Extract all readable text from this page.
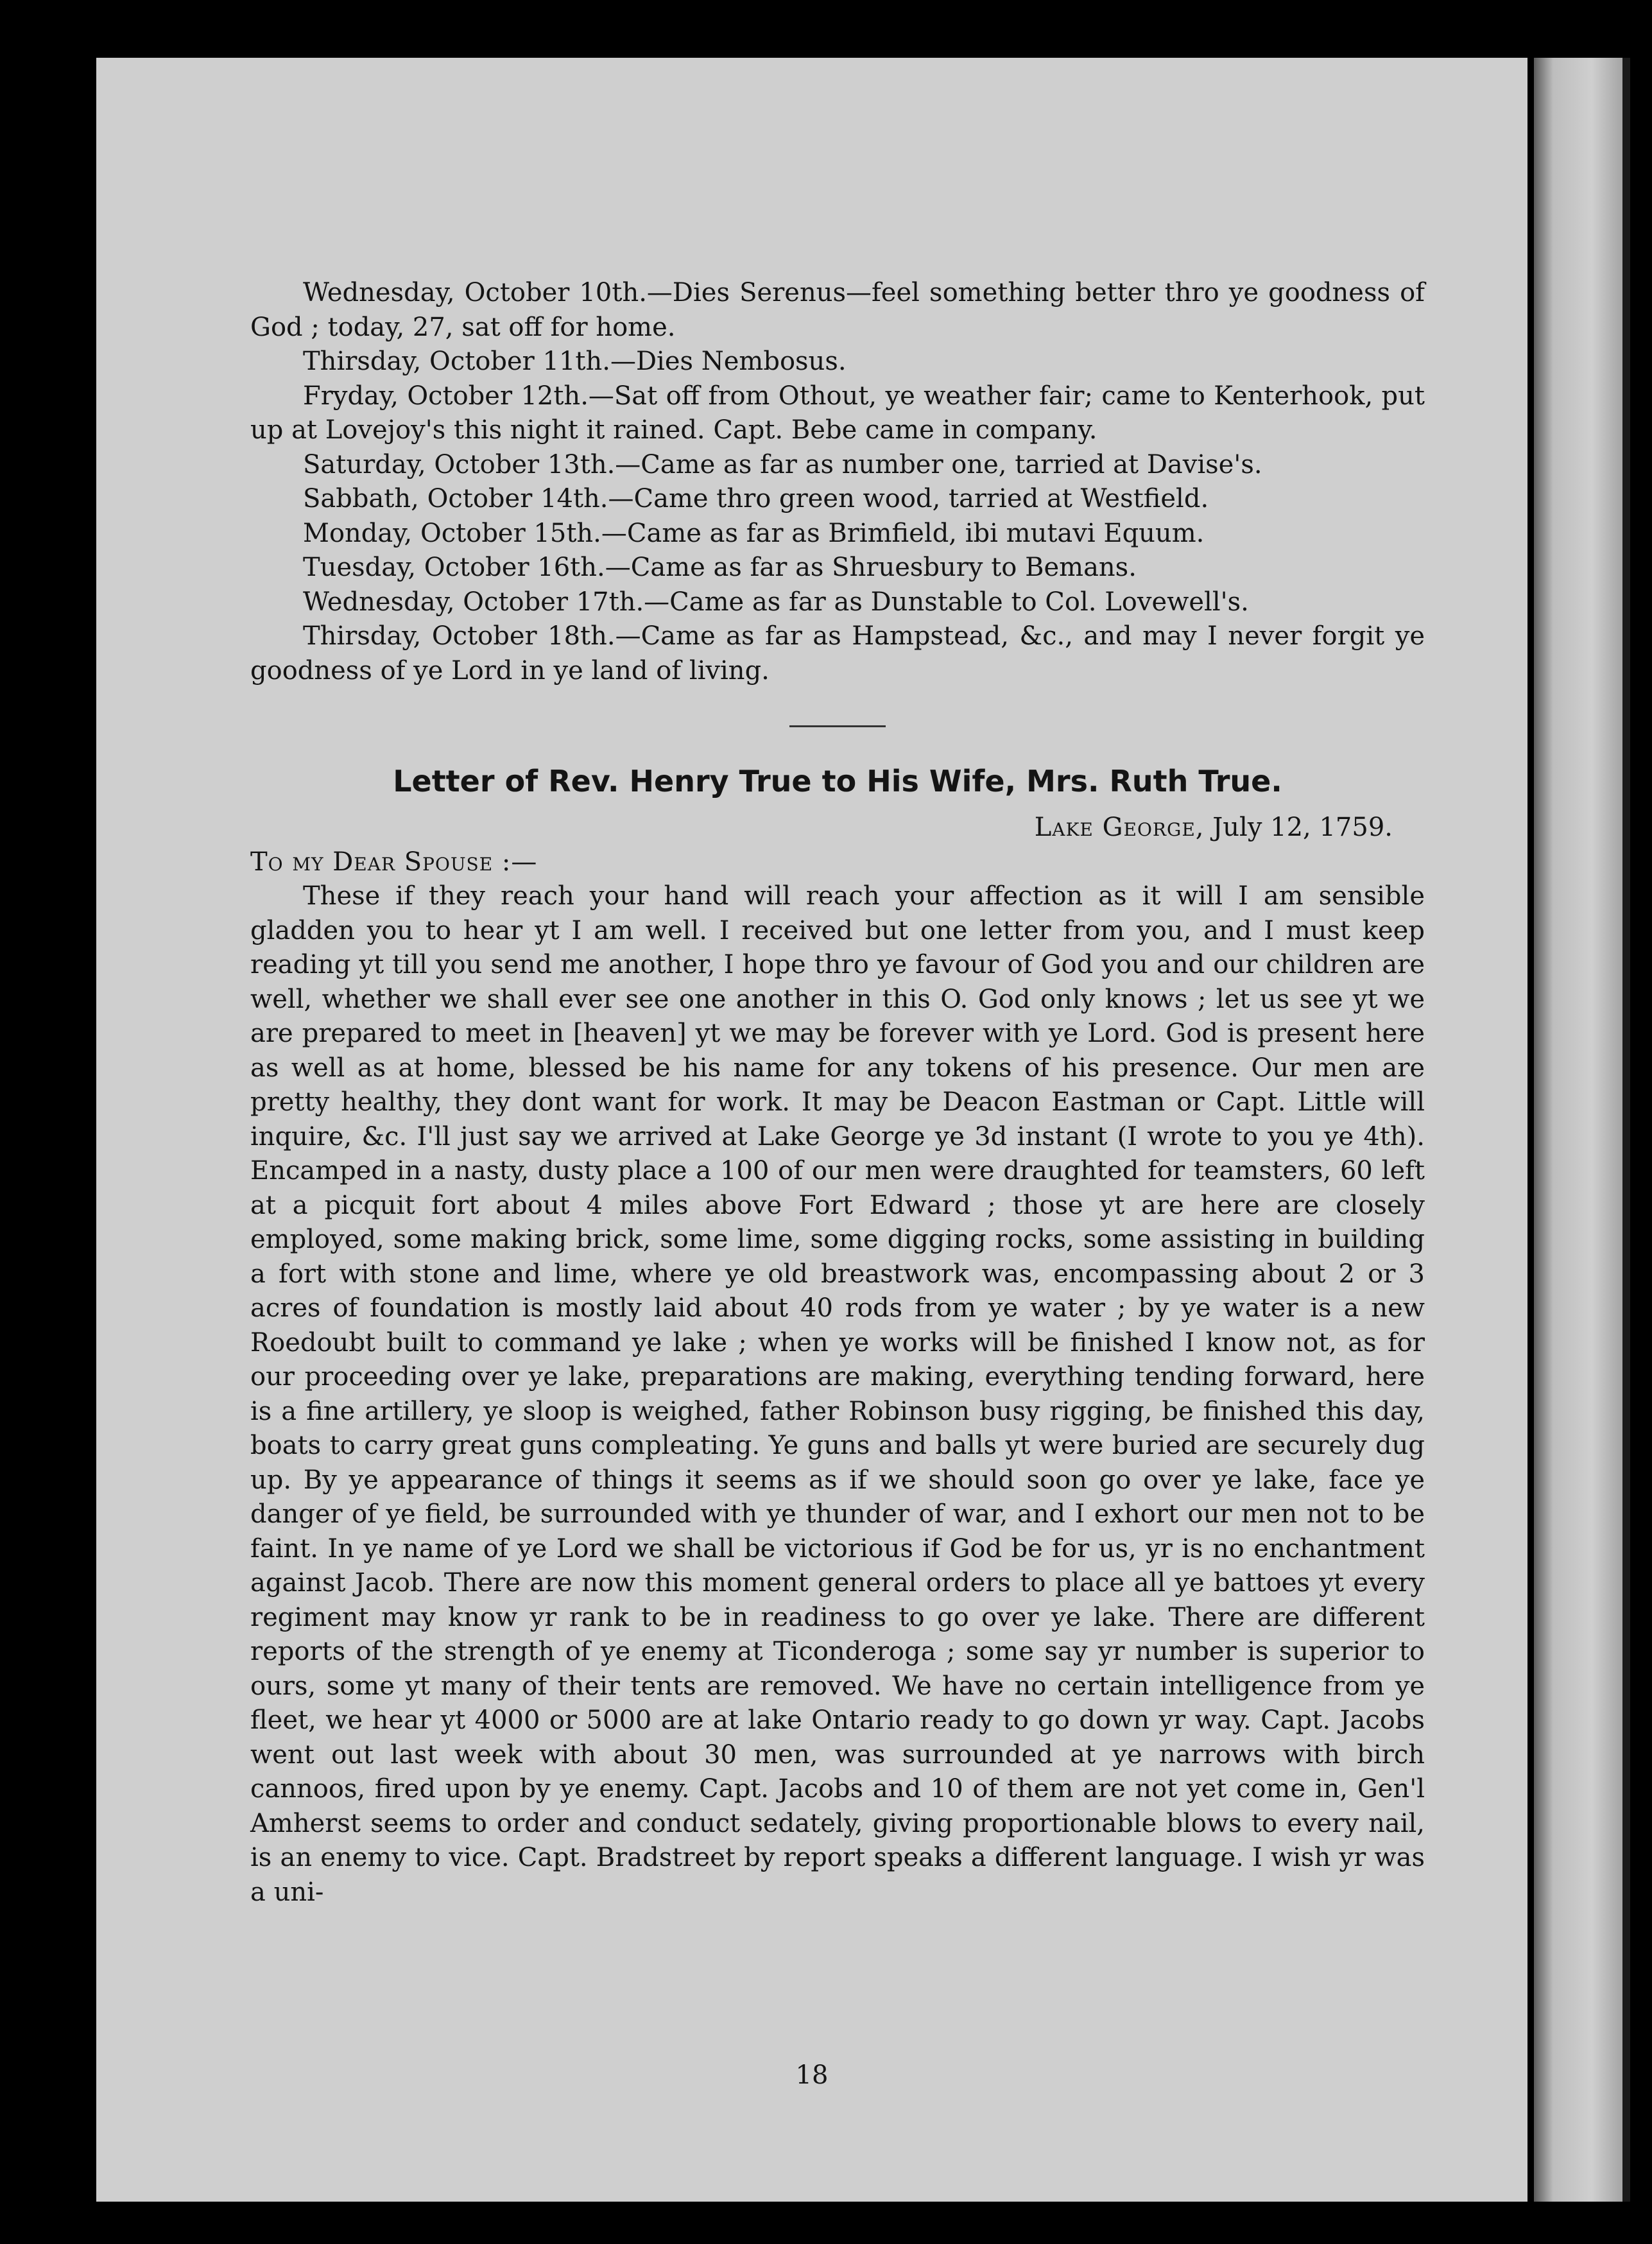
Wednesday, October 10th.—Dies Serenus—feel something better thro ye goodness of God ; today, 27, sat off for home.

Thirsday, October 11th.—Dies Nembosus.

Fryday, October 12th.—Sat off from Othout, ye weather fair; came to Kenterhook, put up at Lovejoy's this night it rained. Capt. Bebe came in company.

Saturday, October 13th.—Came as far as number one, tarried at Davise's.

Sabbath, October 14th.—Came thro green wood, tarried at Westfield.

Monday, October 15th.—Came as far as Brimfield, ibi mutavi Equum.

Tuesday, October 16th.—Came as far as Shruesbury to Bemans.

Wednesday, October 17th.—Came as far as Dunstable to Col. Lovewell's.

Thirsday, October 18th.—Came as far as Hampstead, &c., and may I never forgit ye goodness of ye Lord in ye land of living.

Letter of Rev. Henry True to His Wife, Mrs. Ruth True.

Lake George, July 12, 1759.

To my Dear Spouse :—

These if they reach your hand will reach your affection as it will I am sensible gladden you to hear yt I am well. I received but one letter from you, and I must keep reading yt till you send me another, I hope thro ye favour of God you and our children are well, whether we shall ever see one another in this O. God only knows ; let us see yt we are prepared to meet in [heaven] yt we may be forever with ye Lord. God is present here as well as at home, blessed be his name for any tokens of his presence. Our men are pretty healthy, they dont want for work. It may be Deacon Eastman or Capt. Little will inquire, &c. I'll just say we arrived at Lake George ye 3d instant (I wrote to you ye 4th). Encamped in a nasty, dusty place a 100 of our men were draughted for teamsters, 60 left at a picquit fort about 4 miles above Fort Edward ; those yt are here are closely employed, some making brick, some lime, some digging rocks, some assisting in building a fort with stone and lime, where ye old breastwork was, encompassing about 2 or 3 acres of foundation is mostly laid about 40 rods from ye water ; by ye water is a new Roedoubt built to command ye lake ; when ye works will be finished I know not, as for our proceeding over ye lake, preparations are making, everything tending forward, here is a fine artillery, ye sloop is weighed, father Robinson busy rigging, be finished this day, boats to carry great guns compleating. Ye guns and balls yt were buried are securely dug up. By ye appearance of things it seems as if we should soon go over ye lake, face ye danger of ye field, be surrounded with ye thunder of war, and I exhort our men not to be faint. In ye name of ye Lord we shall be victorious if God be for us, yr is no enchantment against Jacob. There are now this moment general orders to place all ye battoes yt every regiment may know yr rank to be in readiness to go over ye lake. There are different reports of the strength of ye enemy at Ticonderoga ; some say yr number is superior to ours, some yt many of their tents are removed. We have no certain intelligence from ye fleet, we hear yt 4000 or 5000 are at lake Ontario ready to go down yr way. Capt. Jacobs went out last week with about 30 men, was surrounded at ye narrows with birch cannoos, fired upon by ye enemy. Capt. Jacobs and 10 of them are not yet come in, Gen'l Amherst seems to order and conduct sedately, giving proportionable blows to every nail, is an enemy to vice. Capt. Bradstreet by report speaks a different language. I wish yr was a uni-

18
